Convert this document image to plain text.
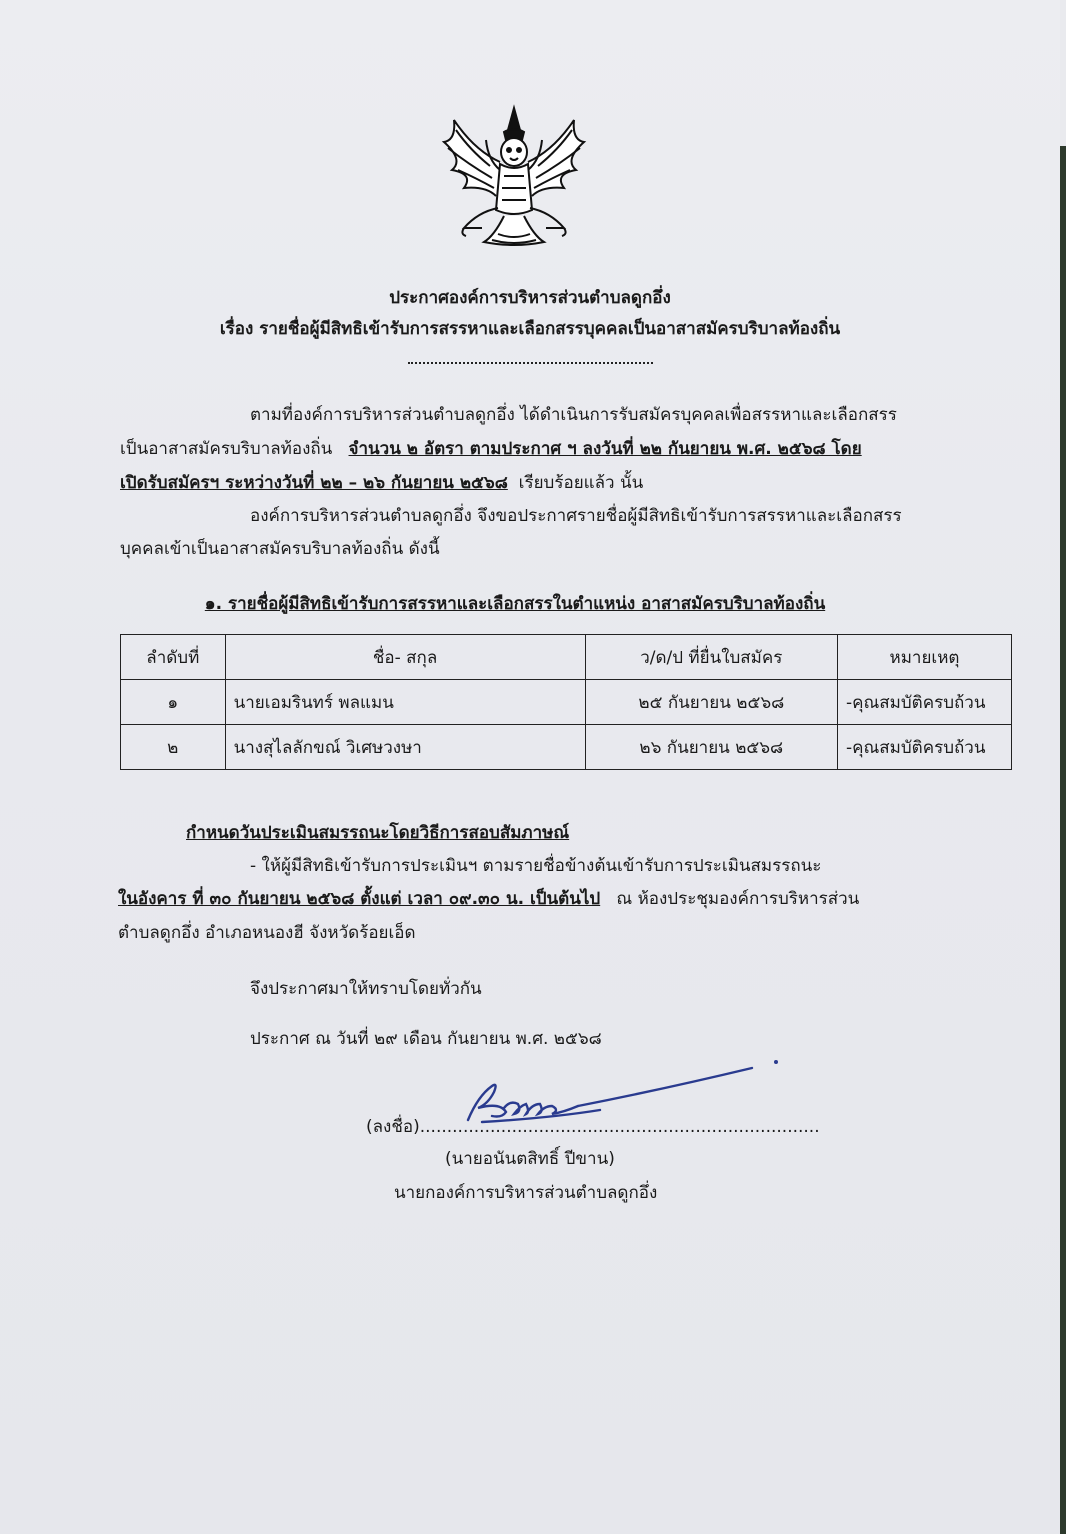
ประกาศองค์การบริหารส่วนตำบลดูกอึ่ง
เรื่อง รายชื่อผู้มีสิทธิเข้ารับการสรรหาและเลือกสรรบุคคลเป็นอาสาสมัครบริบาลท้องถิ่น
ตามที่องค์การบริหารส่วนตำบลดูกอึ่ง ได้ดำเนินการรับสมัครบุคคลเพื่อสรรหาและเลือกสรร
เป็นอาสาสมัครบริบาลท้องถิ่น จำนวน ๒ อัตรา ตามประกาศ ฯ ลงวันที่ ๒๒ กันยายน พ.ศ. ๒๕๖๘ โดย
เปิดรับสมัครฯ ระหว่างวันที่ ๒๒ – ๒๖ กันยายน ๒๕๖๘ เรียบร้อยแล้ว นั้น
องค์การบริหารส่วนตำบลดูกอึ่ง จึงขอประกาศรายชื่อผู้มีสิทธิเข้ารับการสรรหาและเลือกสรร
บุคคลเข้าเป็นอาสาสมัครบริบาลท้องถิ่น ดังนี้
๑. รายชื่อผู้มีสิทธิเข้ารับการสรรหาและเลือกสรรในตำแหน่ง อาสาสมัครบริบาลท้องถิ่น
ลำดับที่	ชื่อ- สกุล	ว/ด/ป ที่ยื่นใบสมัคร	หมายเหตุ
๑	นายเอมรินทร์ พลแมน	๒๕ กันยายน ๒๕๖๘	-คุณสมบัติครบถ้วน
๒	นางสุไลลักขณ์ วิเศษวงษา	๒๖ กันยายน ๒๕๖๘	-คุณสมบัติครบถ้วน
กำหนดวันประเมินสมรรถนะโดยวิธีการสอบสัมภาษณ์
- ให้ผู้มีสิทธิเข้ารับการประเมินฯ ตามรายชื่อข้างต้นเข้ารับการประเมินสมรรถนะ
ในอังคาร ที่ ๓๐ กันยายน ๒๕๖๘ ตั้งแต่ เวลา ๐๙.๓๐ น. เป็นต้นไป ณ ห้องประชุมองค์การบริหารส่วน
ตำบลดูกอึ่ง อำเภอหนองฮี จังหวัดร้อยเอ็ด
จึงประกาศมาให้ทราบโดยทั่วกัน
ประกาศ ณ วันที่ ๒๙ เดือน กันยายน พ.ศ. ๒๕๖๘
(ลงชื่อ)..........................................................................
(นายอนันตสิทธิ์ ปีขาน)
นายกองค์การบริหารส่วนตำบลดูกอึ่ง
